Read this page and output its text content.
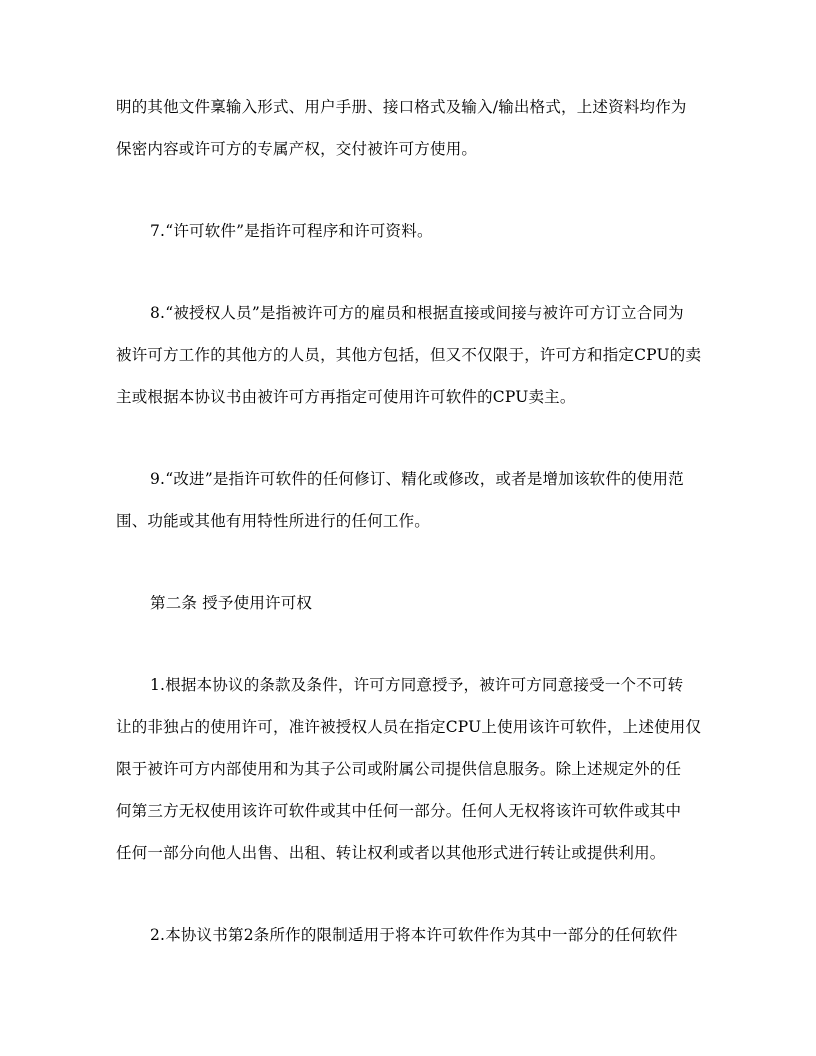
明的其他文件稟输入形式、用户手册、接口格式及输入/输出格式，上述资料均作为
保密内容或许可方的专属产权，交付被许可方使用。
7.“许可软件”是指许可程序和许可资料。
8.“被授权人员”是指被许可方的雇员和根据直接或间接与被许可方订立合同为
被许可方工作的其他方的人员，其他方包括，但又不仅限于，许可方和指定CPU的卖
主或根据本协议书由被许可方再指定可使用许可软件的CPU卖主。
9.“改进”是指许可软件的任何修订、精化或修改，或者是增加该软件的使用范
围、功能或其他有用特性所进行的任何工作。
第二条 授予使用许可权
1.根据本协议的条款及条件，许可方同意授予，被许可方同意接受一个不可转
让的非独占的使用许可，准许被授权人员在指定CPU上使用该许可软件，上述使用仅
限于被许可方内部使用和为其子公司或附属公司提供信息服务。除上述规定外的任
何第三方无权使用该许可软件或其中任何一部分。任何人无权将该许可软件或其中
任何一部分向他人出售、出租、转让权利或者以其他形式进行转让或提供利用。
2.本协议书第2条所作的限制适用于将本许可软件作为其中一部分的任何软件
